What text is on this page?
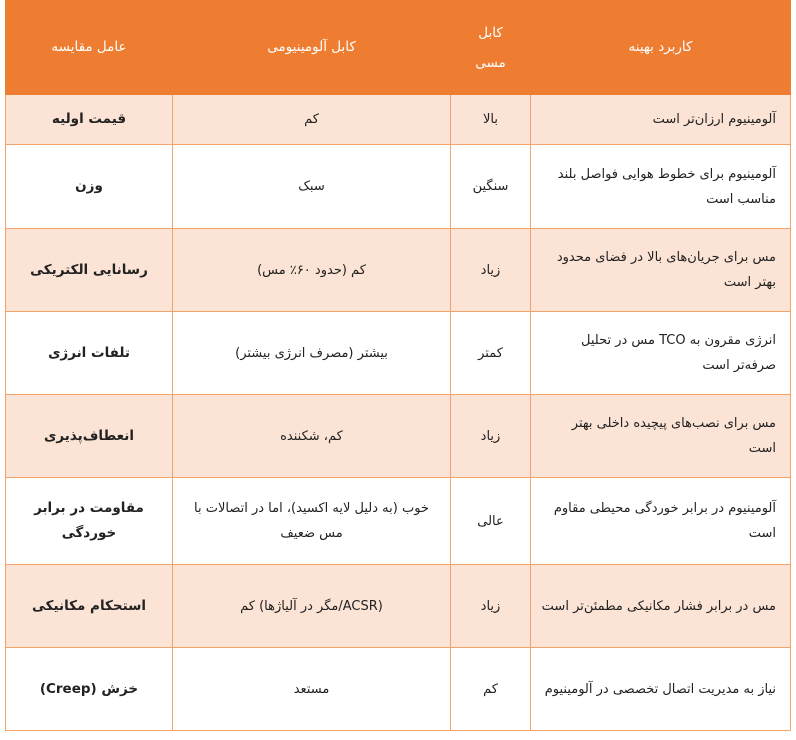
کاربرد بهینه	کابل مسی	کابل آلومینیومی	عامل مقایسه
آلومینیوم ارزان‌تر است	بالا	کم	قیمت اولیه
آلومینیوم برای خطوط هوایی فواصل بلند مناسب است	سنگین	سبک	وزن
مس برای جریان‌های بالا در فضای محدود بهتر است	زیاد	کم (حدود ۶۰٪ مس)	رسانایی الکتریکی
انرژی مقرون به TCO مس در تحلیل صرفه‌تر است	کمتر	بیشتر (مصرف انرژی بیشتر)	تلفات انرژی
مس برای نصب‌های پیچیده داخلی بهتر است	زیاد	کم، شکننده	انعطاف‌پذیری
آلومینیوم در برابر خوردگی محیطی مقاوم است	عالی	خوب (به دلیل لایه اکسید)، اما در اتصالات با مس ضعیف	مقاومت در برابر خوردگی
مس در برابر فشار مکانیکی مطمئن‌تر است	زیاد	(ACSR/مگر در آلیاژها) کم	استحکام مکانیکی
نیاز به مدیریت اتصال تخصصی در آلومینیوم	کم	مستعد	خزش (Creep)
